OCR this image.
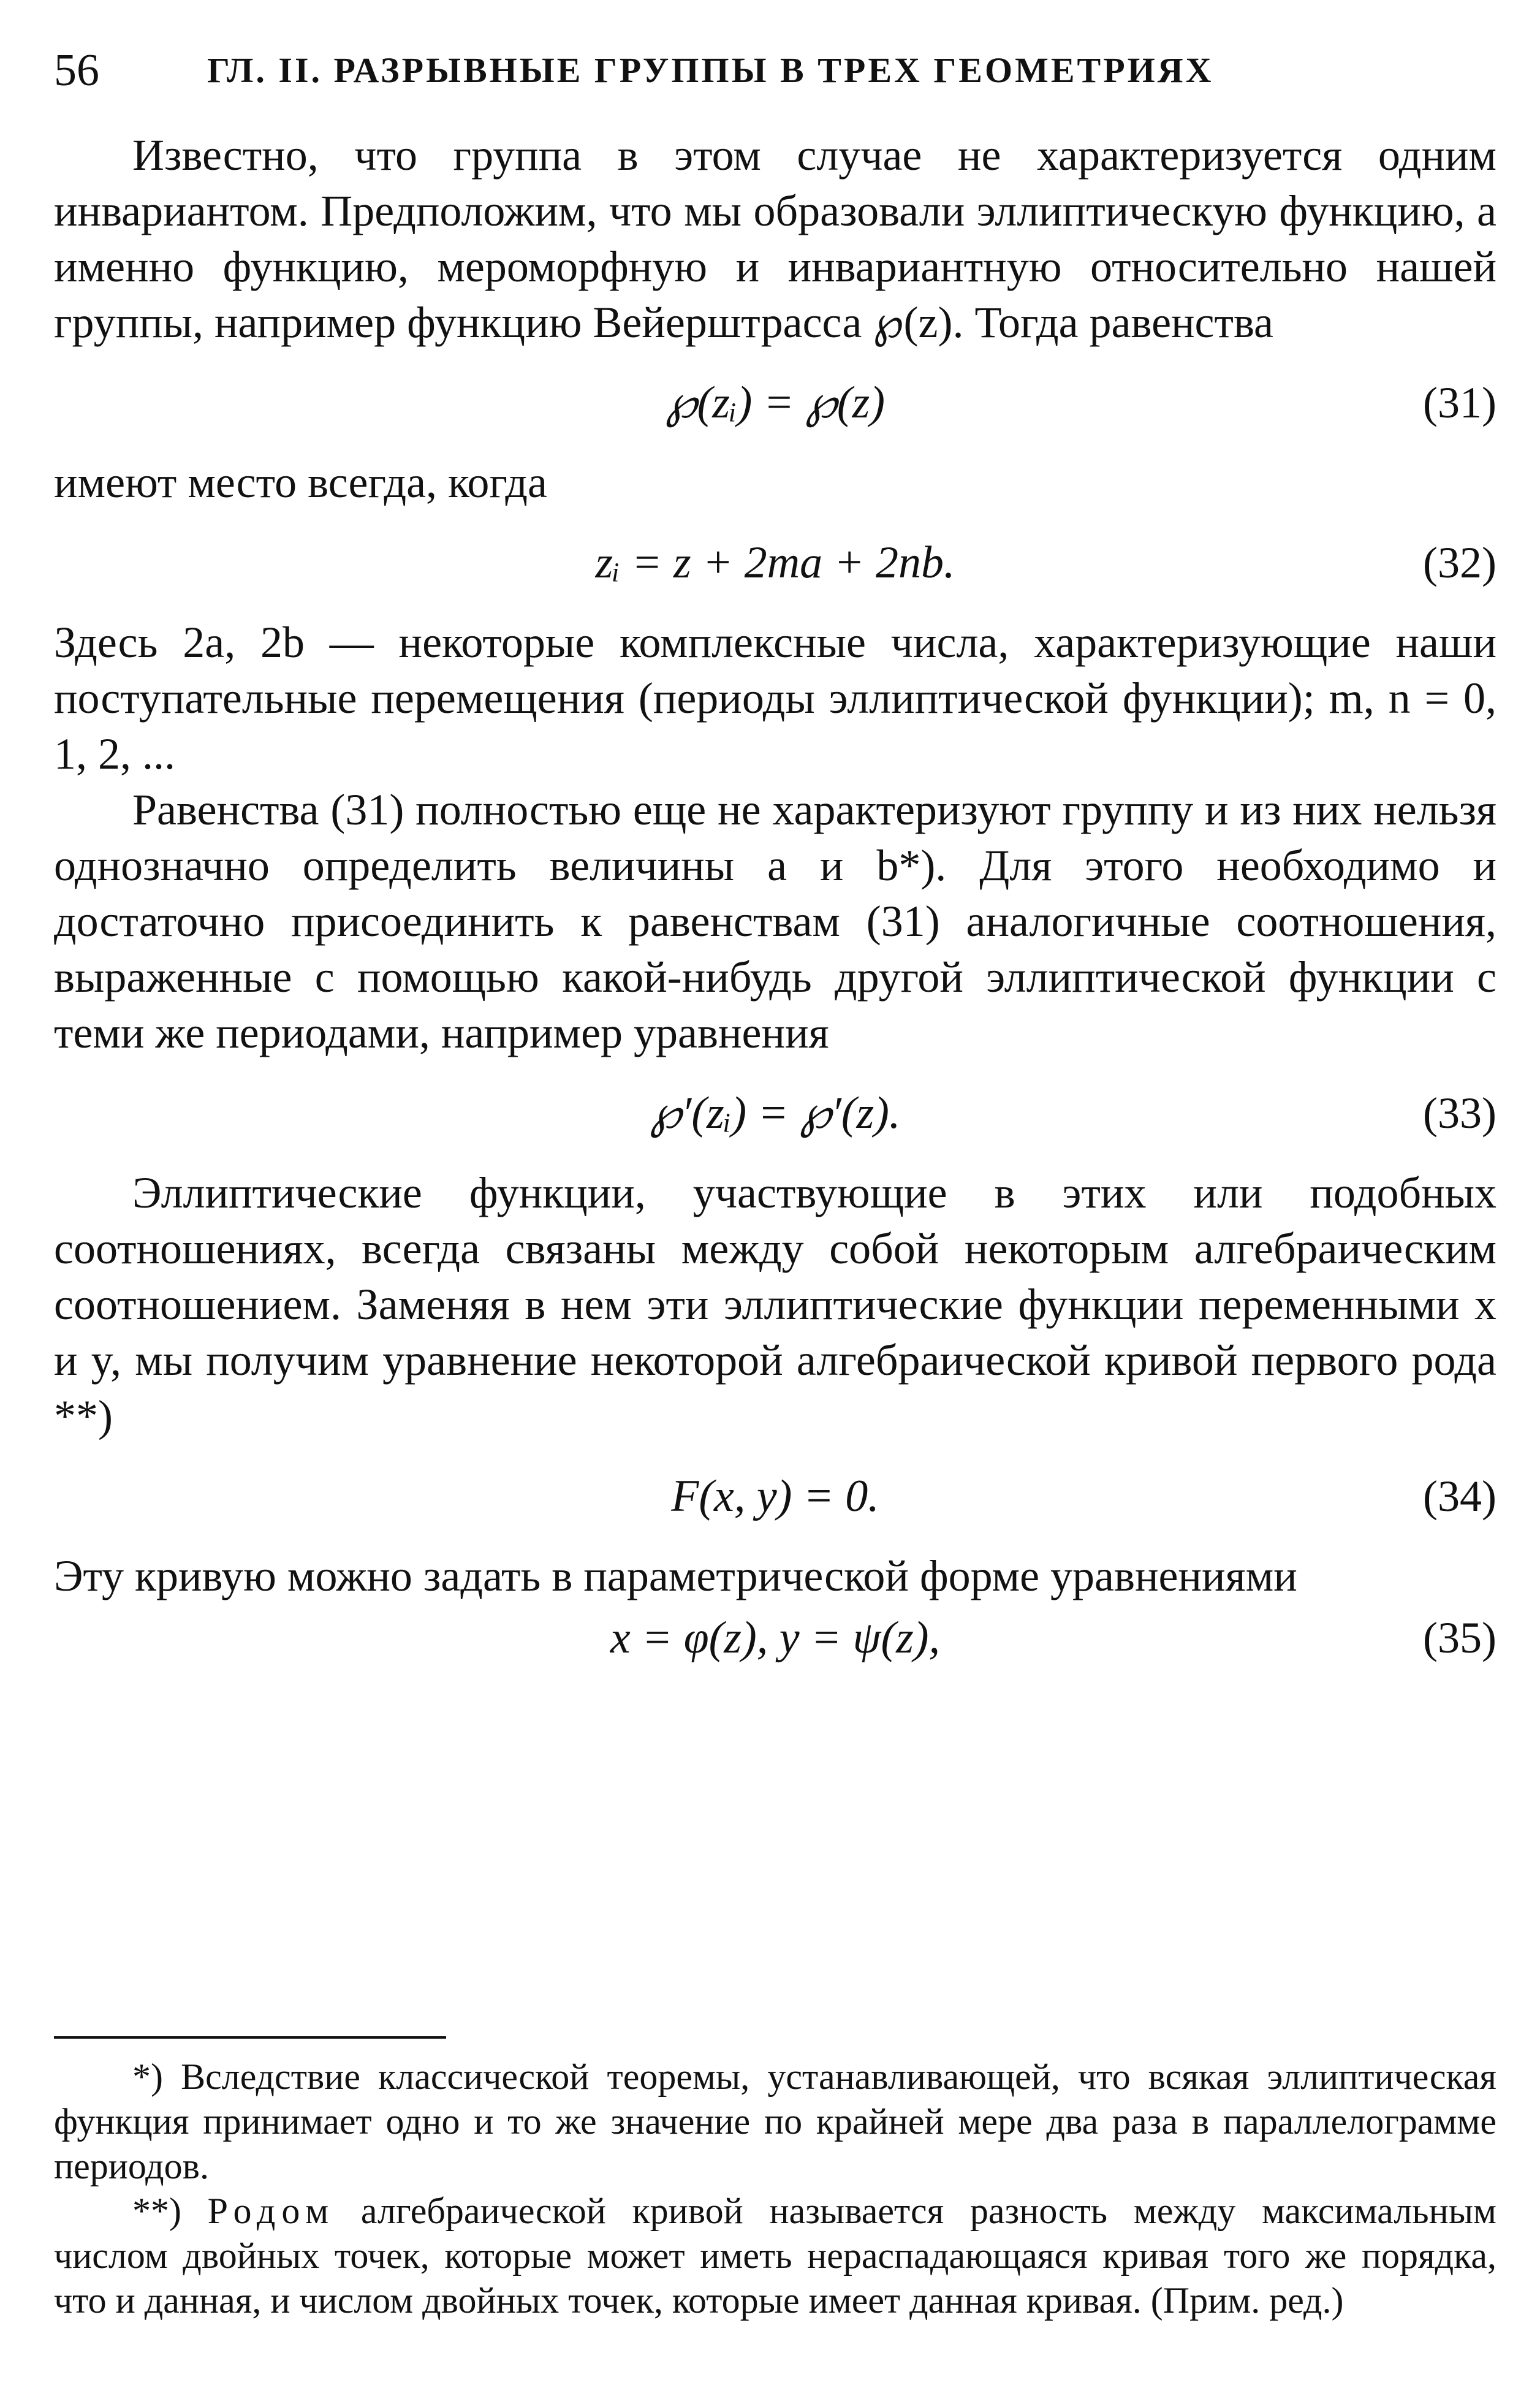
56	ГЛ. II. РАЗРЫВНЫЕ ГРУППЫ В ТРЕХ ГЕОМЕТРИЯХ

Известно, что группа в этом случае не характеризуется одним инвариантом. Предположим, что мы образовали эллиптическую функцию, а именно функцию, мероморфную и инвариантную относительно нашей группы, например функцию Вейерштрасса ℘(z). Тогда равенства

℘(zᵢ) = ℘(z)	(31)

имеют место всегда, когда

zᵢ = z + 2ma + 2nb.	(32)

Здесь 2a, 2b — некоторые комплексные числа, характеризующие наши поступательные перемещения (периоды эллиптической функции); m, n = 0, 1, 2, ...

Равенства (31) полностью еще не характеризуют группу и из них нельзя однозначно определить величины a и b*). Для этого необходимо и достаточно присоединить к равенствам (31) аналогичные соотношения, выраженные с помощью какой-нибудь другой эллиптической функции с теми же периодами, например уравнения

℘′(zᵢ) = ℘′(z).	(33)

Эллиптические функции, участвующие в этих или подобных соотношениях, всегда связаны между собой некоторым алгебраическим соотношением. Заменяя в нем эти эллиптические функции переменными x и y, мы получим уравнение некоторой алгебраической кривой первого рода **)

F(x, y) = 0.	(34)

Эту кривую можно задать в параметрической форме уравнениями

x = φ(z), y = ψ(z),	(35)

*) Вследствие классической теоремы, устанавливающей, что всякая эллиптическая функция принимает одно и то же значение по крайней мере два раза в параллелограмме периодов.

**) Родом алгебраической кривой называется разность между максимальным числом двойных точек, которые может иметь нераспадающаяся кривая того же порядка, что и данная, и числом двойных точек, которые имеет данная кривая. (Прим. ред.)
